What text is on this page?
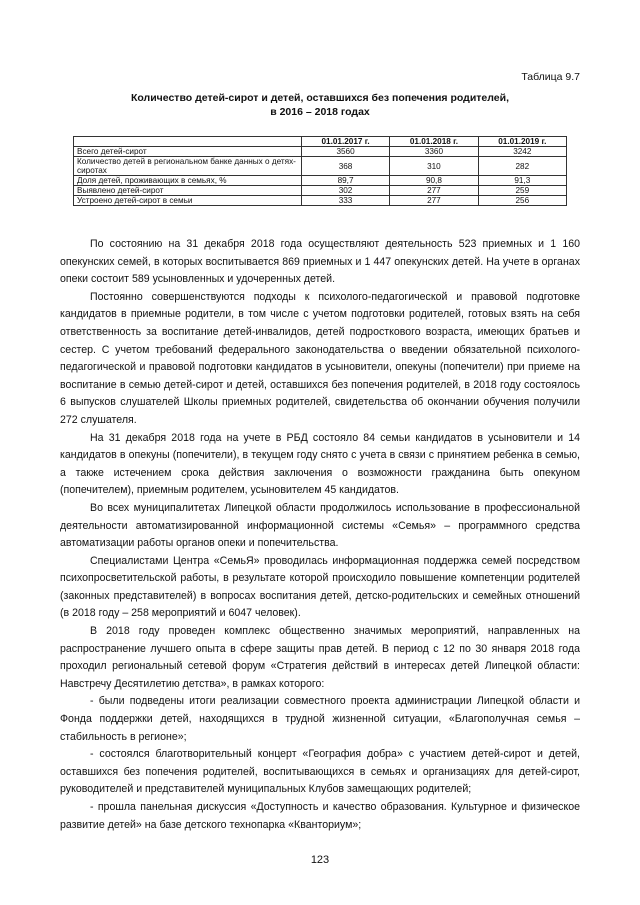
Таблица 9.7
Количество детей-сирот и детей, оставшихся без попечения родителей,
в 2016 – 2018 годах
	01.01.2017 г.	01.01.2018 г.	01.01.2019 г.
Всего детей-сирот	3560	3360	3242
Количество детей в региональном банке данных о детях-сиротах	368	310	282
Доля детей, проживающих в семьях, %	89,7	90,8	91,3
Выявлено детей-сирот	302	277	259
Устроено детей-сирот в семьи	333	277	256

По состоянию на 31 декабря 2018 года осуществляют деятельность 523 приемных и 1 160 опекунских семей, в которых воспитывается 869 приемных и 1 447 опекунских детей. На учете в органах опеки состоит 589 усыновленных и удочеренных детей.

Постоянно совершенствуются подходы к психолого-педагогической и правовой подготовке кандидатов в приемные родители, в том числе с учетом подготовки родителей, готовых взять на себя ответственность за воспитание детей-инвалидов, детей подросткового возраста, имеющих братьев и сестер. С учетом требований федерального законодательства о введении обязательной психолого-педагогической и правовой подготовки кандидатов в усыновители, опекуны (попечители) при приеме на воспитание в семью детей-сирот и детей, оставшихся без попечения родителей, в 2018 году состоялось 6 выпусков слушателей Школы приемных родителей, свидетельства об окончании обучения получили 272 слушателя.

На 31 декабря 2018 года на учете в РБД состояло 84 семьи кандидатов в усыновители и 14 кандидатов в опекуны (попечители), в текущем году снято с учета в связи с принятием ребенка в семью, а также истечением срока действия заключения о возможности гражданина быть опекуном (попечителем), приемным родителем, усыновителем 45 кандидатов.

Во всех муниципалитетах Липецкой области продолжилось использование в профессиональной деятельности автоматизированной информационной системы «Семья» – программного средства автоматизации работы органов опеки и попечительства.

Специалистами Центра «СемьЯ» проводилась информационная поддержка семей посредством психопросветительской работы, в результате которой происходило повышение компетенции родителей (законных представителей) в вопросах воспитания детей, детско-родительских и семейных отношений (в 2018 году – 258 мероприятий и 6047 человек).

В 2018 году проведен комплекс общественно значимых мероприятий, направленных на распространение лучшего опыта в сфере защиты прав детей. В период с 12 по 30 января 2018 года проходил региональный сетевой форум «Стратегия действий в интересах детей Липецкой области: Навстречу Десятилетию детства», в рамках которого:

- были подведены итоги реализации совместного проекта администрации Липецкой области и Фонда поддержки детей, находящихся в трудной жизненной ситуации, «Благополучная семья – стабильность в регионе»;

- состоялся благотворительный концерт «География добра» с участием детей-сирот и детей, оставшихся без попечения родителей, воспитывающихся в семьях и организациях для детей-сирот, руководителей и представителей муниципальных Клубов замещающих родителей;

- прошла панельная дискуссия «Доступность и качество образования. Культурное и физическое развитие детей» на базе детского технопарка «Кванториум»;

123
